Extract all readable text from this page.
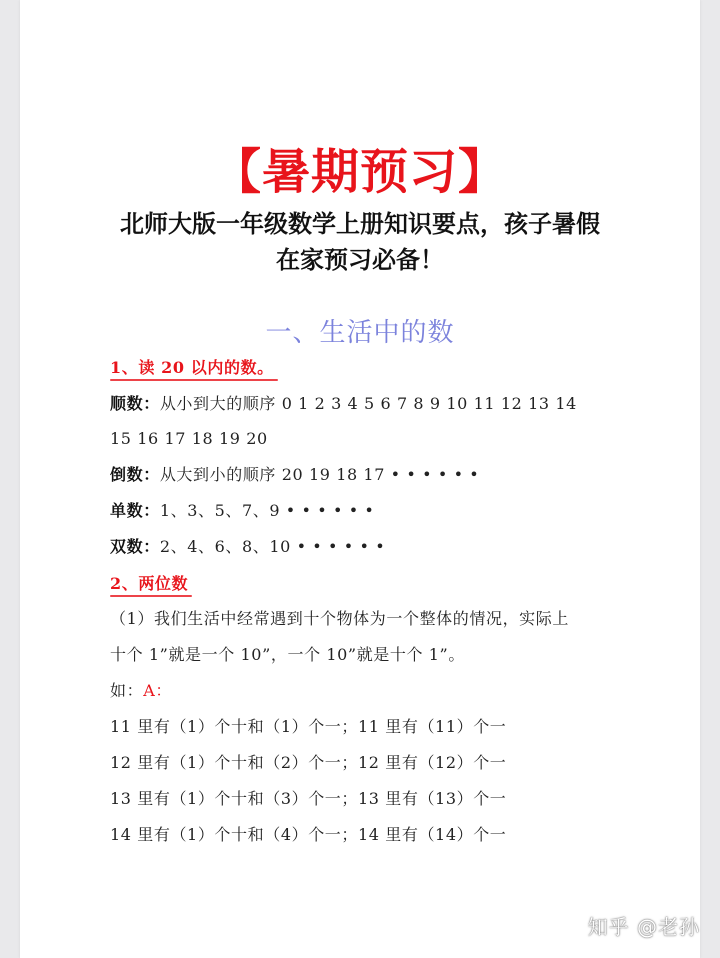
【暑期预习】
北师大版一年级数学上册知识要点，孩子暑假
在家预习必备！
一、生活中的数
1、读 20 以内的数。
顺数：从小到大的顺序 0 1 2 3 4 5 6 7 8 9 10 11 12 13 14
15 16 17 18 19 20
倒数：从大到小的顺序 20 19 18 17 • • • • • •
单数：1、3、5、7、9 • • • • • •
双数：2、4、6、8、10 • • • • • •
2、两位数
（1）我们生活中经常遇到十个物体为一个整体的情况，实际上
十个 1”就是一个 10”，一个 10”就是十个 1”。
如：A：
11 里有（1）个十和（1）个一；11 里有（11）个一
12 里有（1）个十和（2）个一；12 里有（12）个一
13 里有（1）个十和（3）个一；13 里有（13）个一
14 里有（1）个十和（4）个一；14 里有（14）个一
知乎 @老孙
